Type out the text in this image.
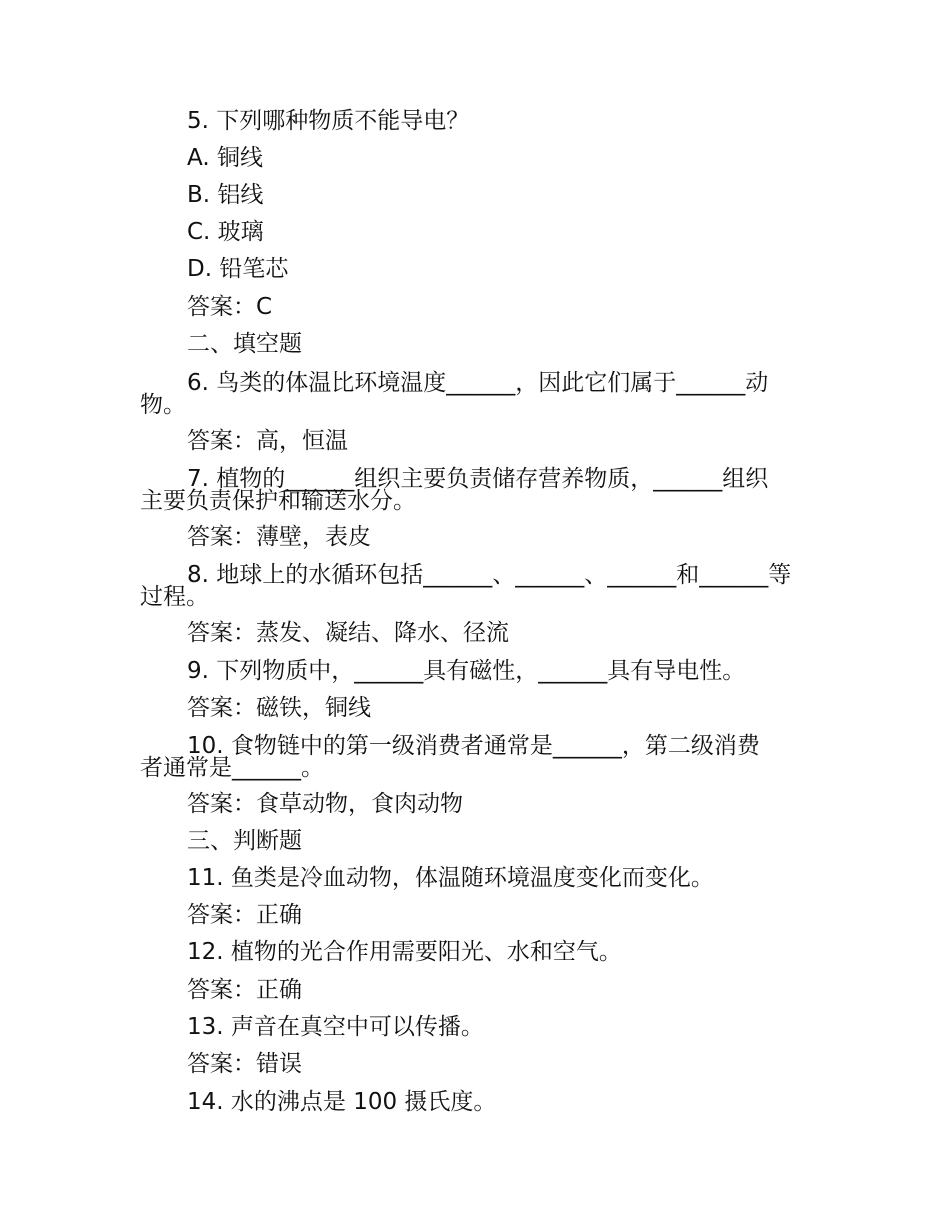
5. 下列哪种物质不能导电？
A. 铜线
B. 铝线
C. 玻璃
D. 铅笔芯
答案：C
二、填空题
6. 鸟类的体温比环境温度______，因此它们属于______动
物。
答案：高，恒温
7. 植物的______组织主要负责储存营养物质，______组织
主要负责保护和输送水分。
答案：薄壁，表皮
8. 地球上的水循环包括______、______、______和______等
过程。
答案：蒸发、凝结、降水、径流
9. 下列物质中，______具有磁性，______具有导电性。
答案：磁铁，铜线
10. 食物链中的第一级消费者通常是______，第二级消费
者通常是______。
答案：食草动物，食肉动物
三、判断题
11. 鱼类是冷血动物，体温随环境温度变化而变化。
答案：正确
12. 植物的光合作用需要阳光、水和空气。
答案：正确
13. 声音在真空中可以传播。
答案：错误
14. 水的沸点是 100 摄氏度。
